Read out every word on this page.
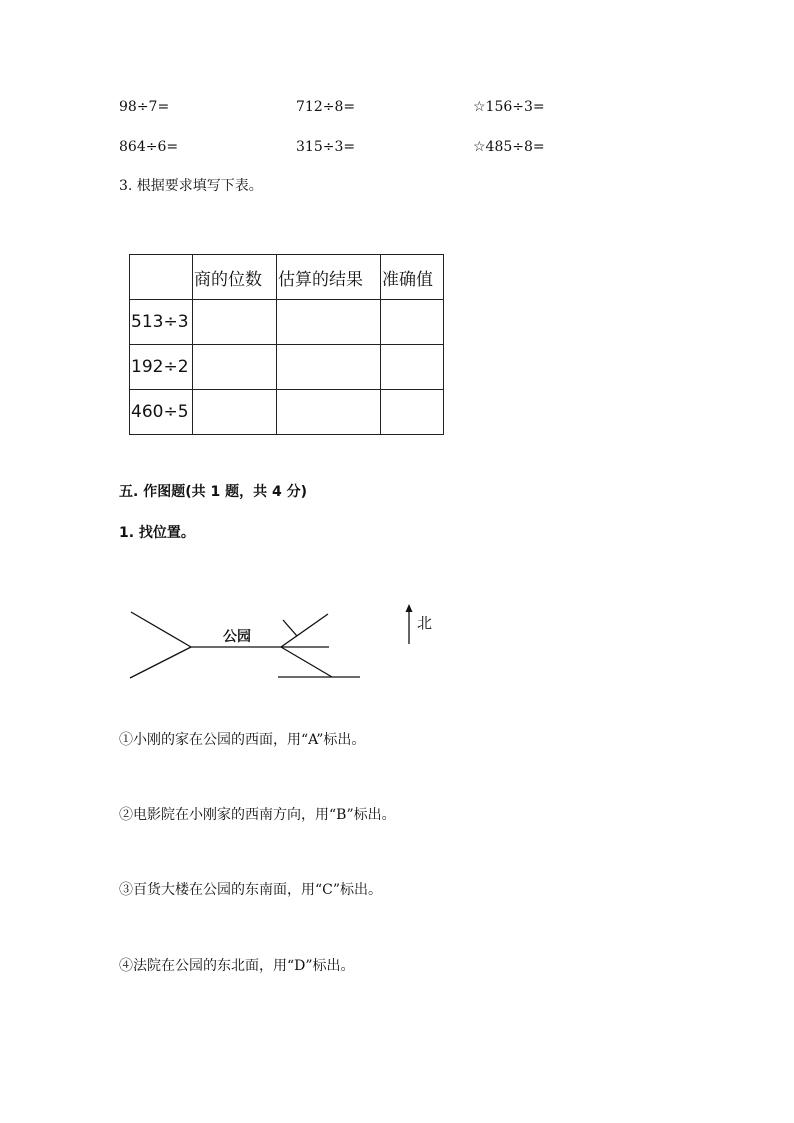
98÷7=	712÷8=	☆156÷3=
864÷6=	315÷3=	☆485÷8=
3. 根据要求填写下表。
	商的位数	估算的结果	准确值
513÷3			
192÷2			
460÷5			
五. 作图题(共 1 题，共 4 分)
1. 找位置。
公园
北
①小刚的家在公园的西面，用“A”标出。
②电影院在小刚家的西南方向，用“B”标出。
③百货大楼在公园的东南面，用“C”标出。
④法院在公园的东北面，用“D”标出。
